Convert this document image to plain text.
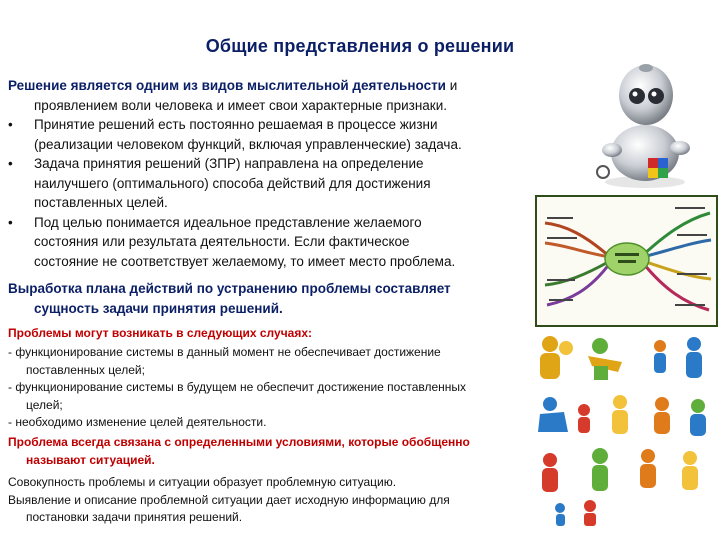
Общие представления о решении
Решение является одним из видов мыслительной деятельности и
проявлением воли человека и имеет свои характерные признаки.
• Принятие решений есть постоянно решаемая в процессе жизни
(реализации человеком функций, включая управленческие) задача.
• Задача принятия решений (ЗПР) направлена на определение
наилучшего (оптимального) способа действий для достижения
поставленных целей.
• Под целью понимается идеальное представление желаемого
состояния или результата деятельности. Если фактическое
состояние не соответствует желаемому, то имеет место проблема.
Выработка плана действий по устранению проблемы составляет
сущность задачи принятия решений.
Проблемы могут возникать в следующих случаях:
- функционирование системы в данный момент не обеспечивает достижение
поставленных целей;
- функционирование системы в будущем не обеспечит достижение поставленных
целей;
- необходимо изменение целей деятельности.
Проблема всегда связана с определенными условиями, которые обобщенно
называют ситуацией.
Совокупность проблемы и ситуации образует проблемную ситуацию.
Выявление и описание проблемной ситуации дает исходную информацию для
постановки задачи принятия решений.
